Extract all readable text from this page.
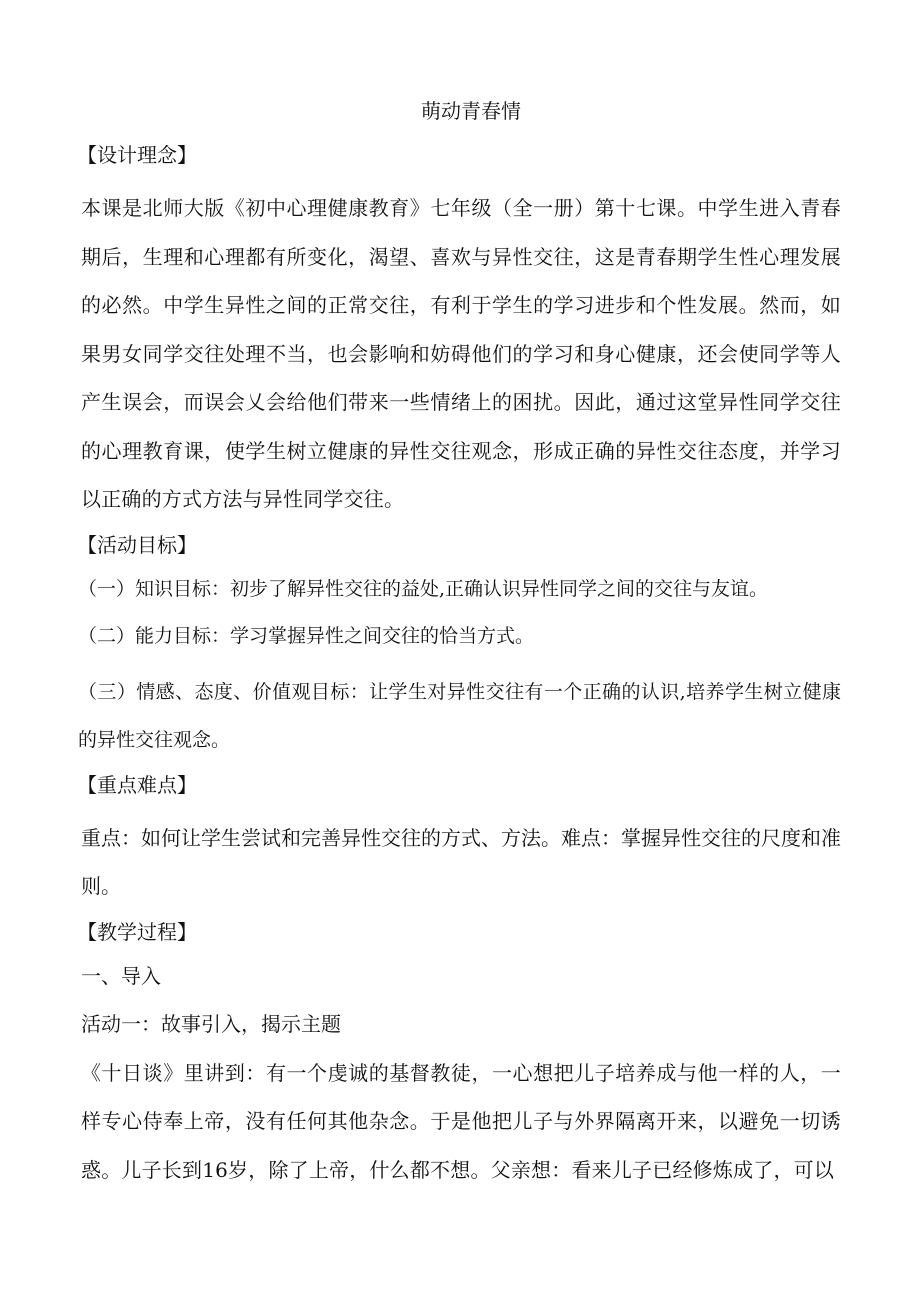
萌动青春情
【设计理念】
本课是北师大版《初中心理健康教育》七年级（全一册）第十七课。中学生进入青春期后，生理和心理都有所变化，渴望、喜欢与异性交往，这是青春期学生性心理发展的必然。中学生异性之间的正常交往，有利于学生的学习进步和个性发展。然而，如果男女同学交往处理不当，也会影响和妨碍他们的学习和身心健康，还会使同学等人产生误会，而误会乂会给他们带来一些情绪上的困扰。因此，通过这堂异性同学交往的心理教育课，使学生树立健康的异性交往观念，形成正确的异性交往态度，并学习以正确的方式方法与异性同学交往。
【活动目标】
（一）知识目标：初步了解异性交往的益处,正确认识异性同学之间的交往与友谊。
（二）能力目标：学习掌握异性之间交往的恰当方式。
（三）情感、态度、价值观目标：让学生对异性交往有一个正确的认识,培养学生树立健康的异性交往观念。
【重点难点】
重点：如何让学生尝试和完善异性交往的方式、方法。难点：掌握异性交往的尺度和准则。
【教学过程】
一、导入
活动一：故事引入，揭示主题
《十日谈》里讲到：有一个虔诚的基督教徒，一心想把儿子培养成与他一样的人，一样专心侍奉上帝，没有任何其他杂念。于是他把儿子与外界隔离开来，以避免一切诱惑。儿子长到16岁，除了上帝，什么都不想。父亲想：看来儿子已经修炼成了，可以
